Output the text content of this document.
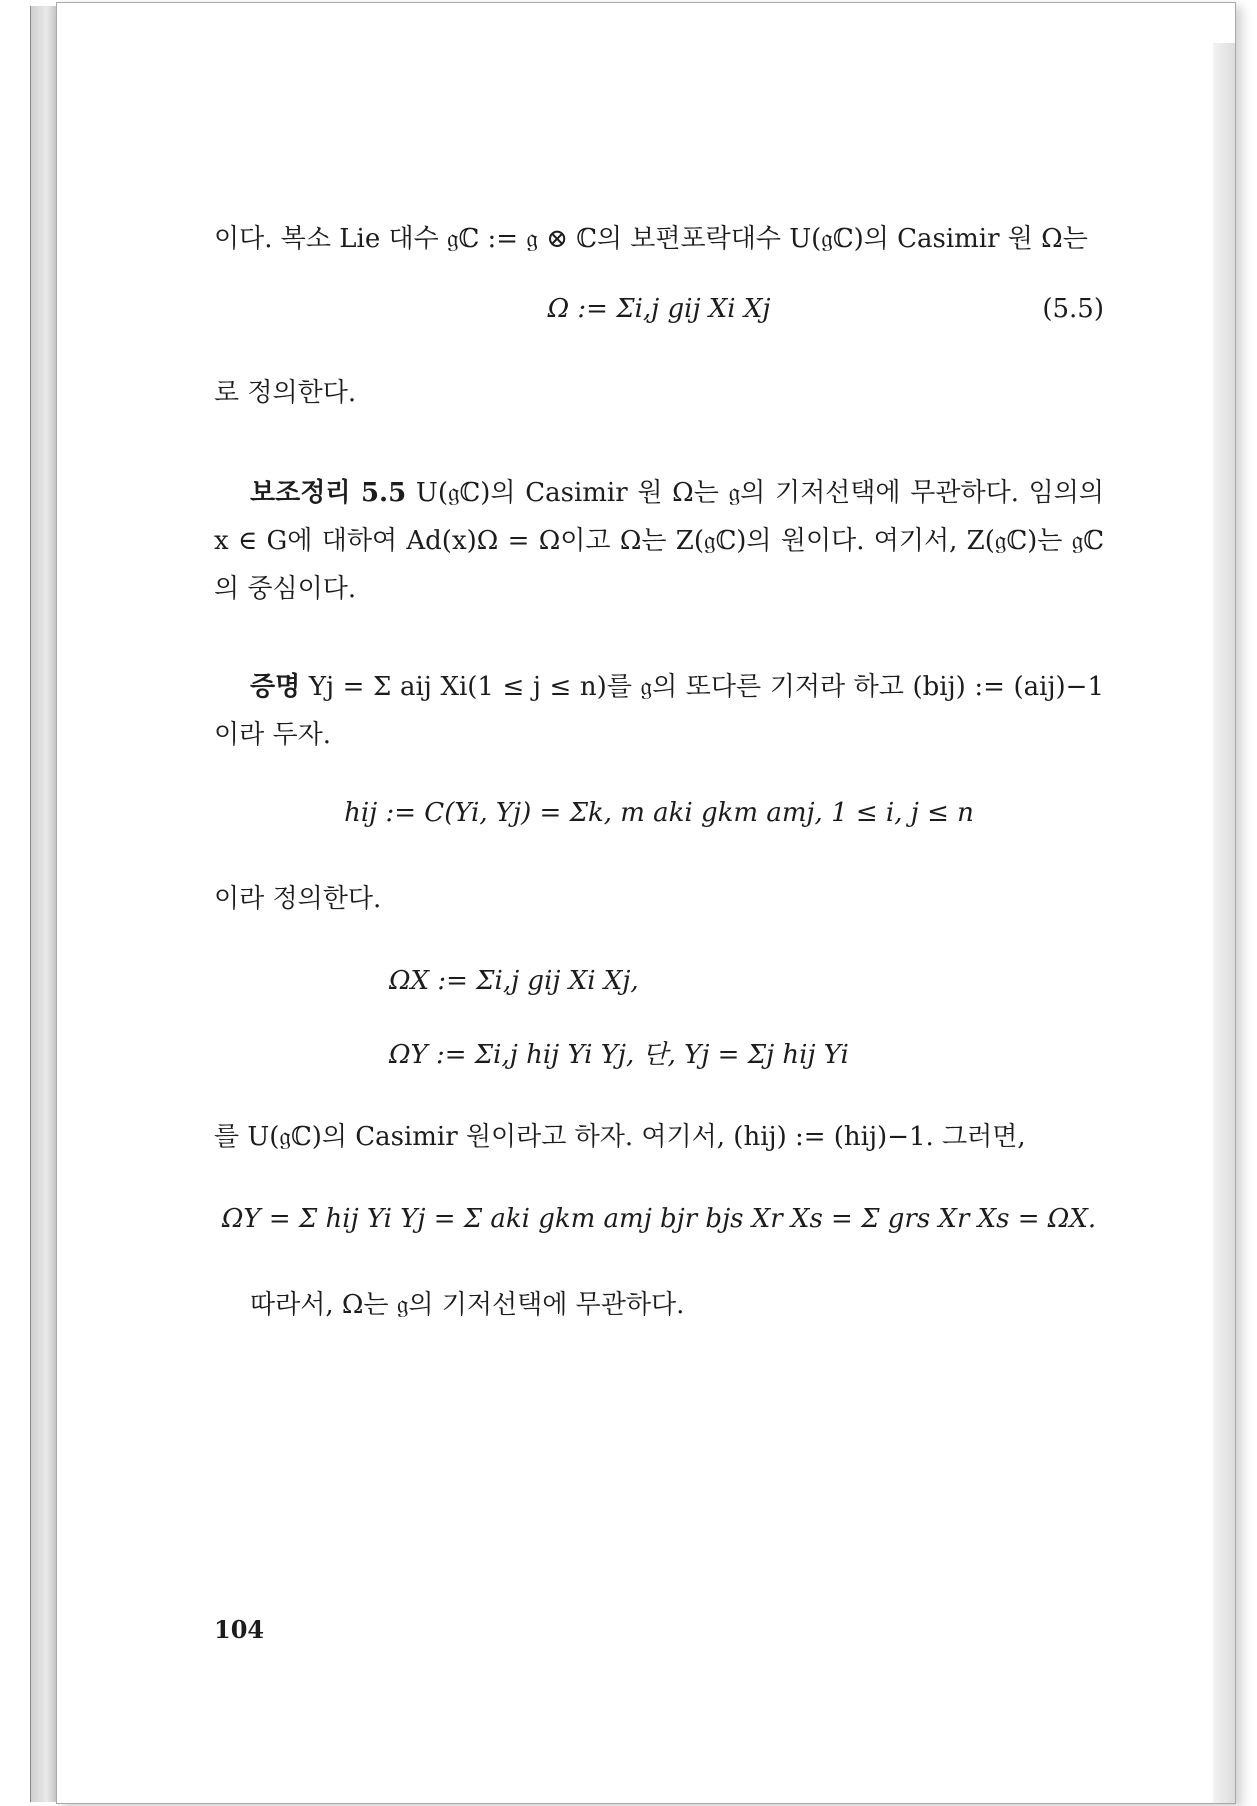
이다. 복소 Lie 대수 𝔤ℂ := 𝔤 ⊗ ℂ의 보편포락대수 U(𝔤ℂ)의 Casimir 원 Ω는

Ω := Σi,j gij Xi Xj	(5.5)

로 정의한다.

보조정리 5.5 U(𝔤ℂ)의 Casimir 원 Ω는 𝔤의 기저선택에 무관하다. 임의의 x ∈ G에 대하여 Ad(x)Ω = Ω이고 Ω는 Z(𝔤ℂ)의 원이다. 여기서, Z(𝔤ℂ)는 𝔤ℂ의 중심이다.

증명 Yj = Σ aij Xi(1 ≤ j ≤ n)를 𝔤의 또다른 기저라 하고 (bij) := (aij)−1이라 두자.

hij := C(Yi, Yj) = Σk, m aki gkm amj, 1 ≤ i, j ≤ n

이라 정의한다.

ΩX := Σi,j gij Xi Xj,
ΩY := Σi,j hij Yi Yj, 단, Yj = Σj hij Yi

를 U(𝔤ℂ)의 Casimir 원이라고 하자. 여기서, (hij) := (hij)−1. 그러면,

ΩY = Σ hij Yi Yj = Σ aki gkm amj bjr bjs Xr Xs = Σ grs Xr Xs = ΩX.

따라서, Ω는 𝔤의 기저선택에 무관하다.

104
